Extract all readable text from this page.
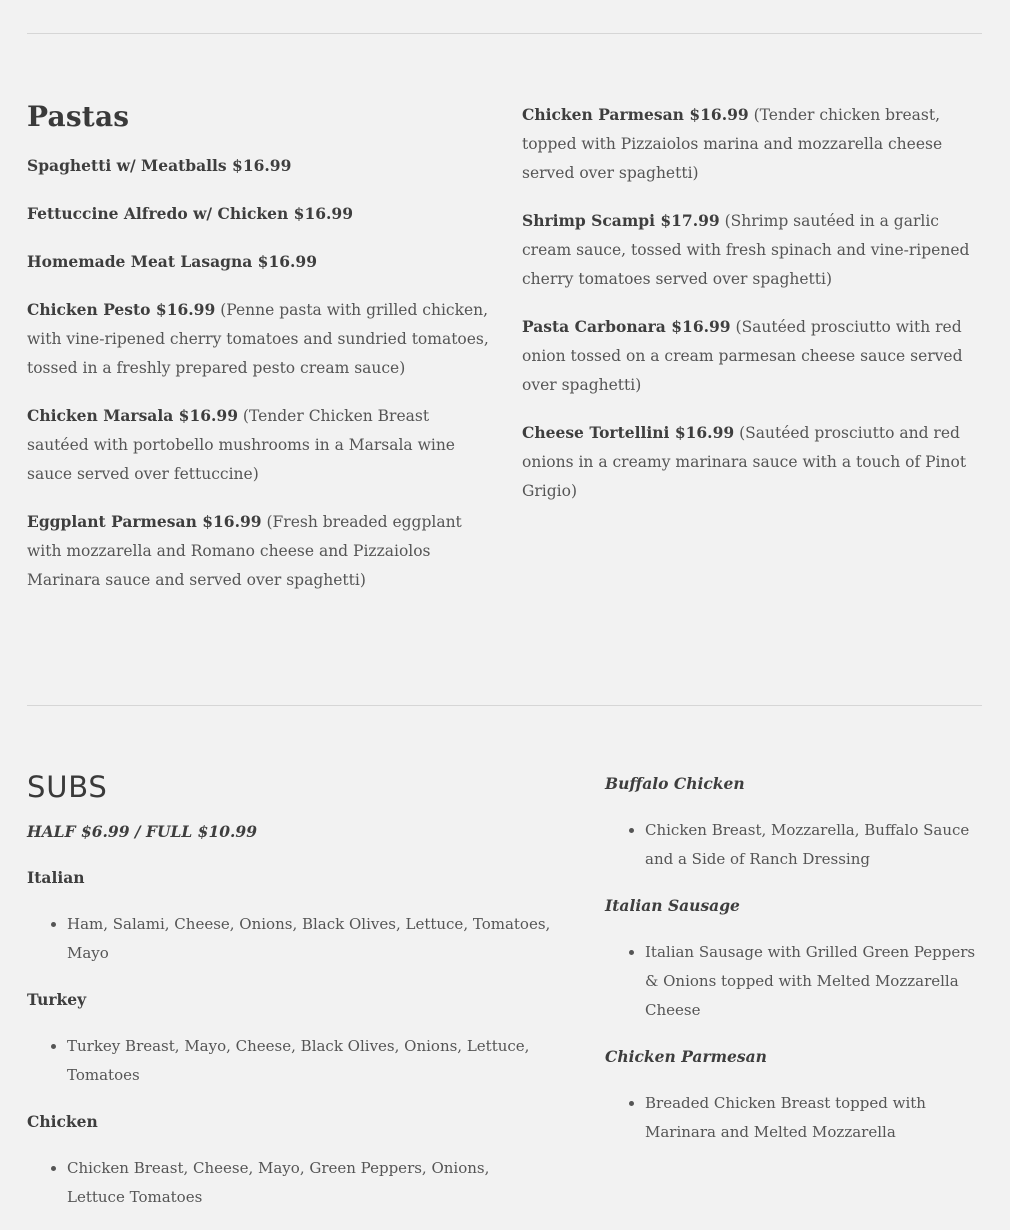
Pastas
Spaghetti w/ Meatballs $16.99
Fettuccine Alfredo w/ Chicken $16.99
Homemade Meat Lasagna $16.99
Chicken Pesto $16.99 (Penne pasta with grilled chicken, with vine-ripened cherry tomatoes and sundried tomatoes, tossed in a freshly prepared pesto cream sauce)
Chicken Marsala $16.99 (Tender Chicken Breast sautéed with portobello mushrooms in a Marsala wine sauce served over fettuccine)
Eggplant Parmesan $16.99 (Fresh breaded eggplant with mozzarella and Romano cheese and Pizzaiolos Marinara sauce and served over spaghetti)
Chicken Parmesan $16.99 (Tender chicken breast, topped with Pizzaiolos marina and mozzarella cheese served over spaghetti)
Shrimp Scampi $17.99 (Shrimp sautéed in a garlic cream sauce, tossed with fresh spinach and vine-ripened cherry tomatoes served over spaghetti)
Pasta Carbonara $16.99 (Sautéed prosciutto with red onion tossed on a cream parmesan cheese sauce served over spaghetti)
Cheese Tortellini $16.99 (Sautéed prosciutto and red onions in a creamy marinara sauce with a touch of Pinot Grigio)
SUBS
HALF $6.99 / FULL $10.99
Italian
• Ham, Salami, Cheese, Onions, Black Olives, Lettuce, Tomatoes, Mayo
Turkey
• Turkey Breast, Mayo, Cheese, Black Olives, Onions, Lettuce, Tomatoes
Chicken
• Chicken Breast, Cheese, Mayo, Green Peppers, Onions, Lettuce Tomatoes
Buffalo Chicken
• Chicken Breast, Mozzarella, Buffalo Sauce and a Side of Ranch Dressing
Italian Sausage
• Italian Sausage with Grilled Green Peppers & Onions topped with Melted Mozzarella Cheese
Chicken Parmesan
• Breaded Chicken Breast topped with Marinara and Melted Mozzarella
